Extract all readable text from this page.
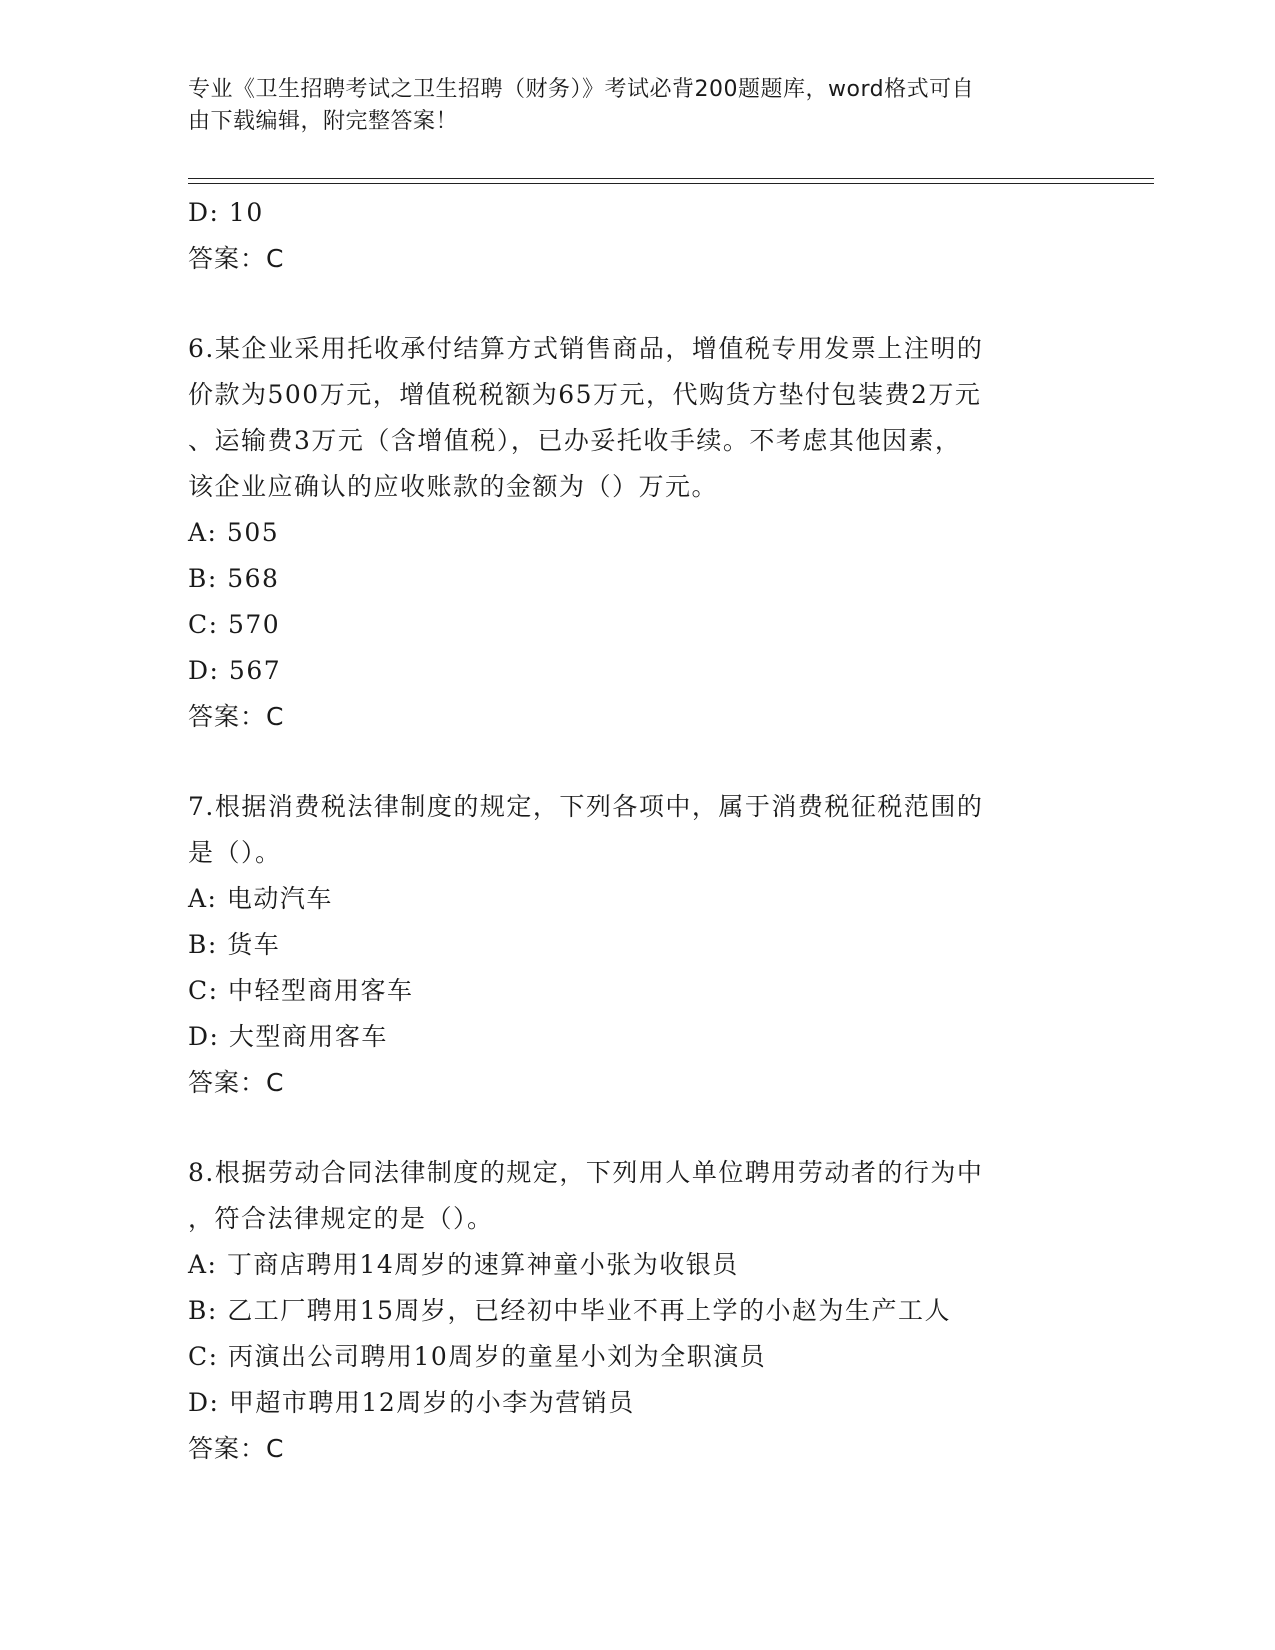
专业《卫生招聘考试之卫生招聘（财务）》考试必背200题题库，word格式可自
由下载编辑，附完整答案！
D: 10
答案：C
6.某企业采用托收承付结算方式销售商品，增值税专用发票上注明的
价款为500万元，增值税税额为65万元，代购货方垫付包装费2万元
、运输费3万元（含增值税），已办妥托收手续。不考虑其他因素，
该企业应确认的应收账款的金额为（）万元。
A: 505
B: 568
C: 570
D: 567
答案：C
7.根据消费税法律制度的规定，下列各项中，属于消费税征税范围的
是（）。
A: 电动汽车
B: 货车
C: 中轻型商用客车
D: 大型商用客车
答案：C
8.根据劳动合同法律制度的规定，下列用人单位聘用劳动者的行为中
，符合法律规定的是（）。
A: 丁商店聘用14周岁的速算神童小张为收银员
B: 乙工厂聘用15周岁，已经初中毕业不再上学的小赵为生产工人
C: 丙演出公司聘用10周岁的童星小刘为全职演员
D: 甲超市聘用12周岁的小李为营销员
答案：C
